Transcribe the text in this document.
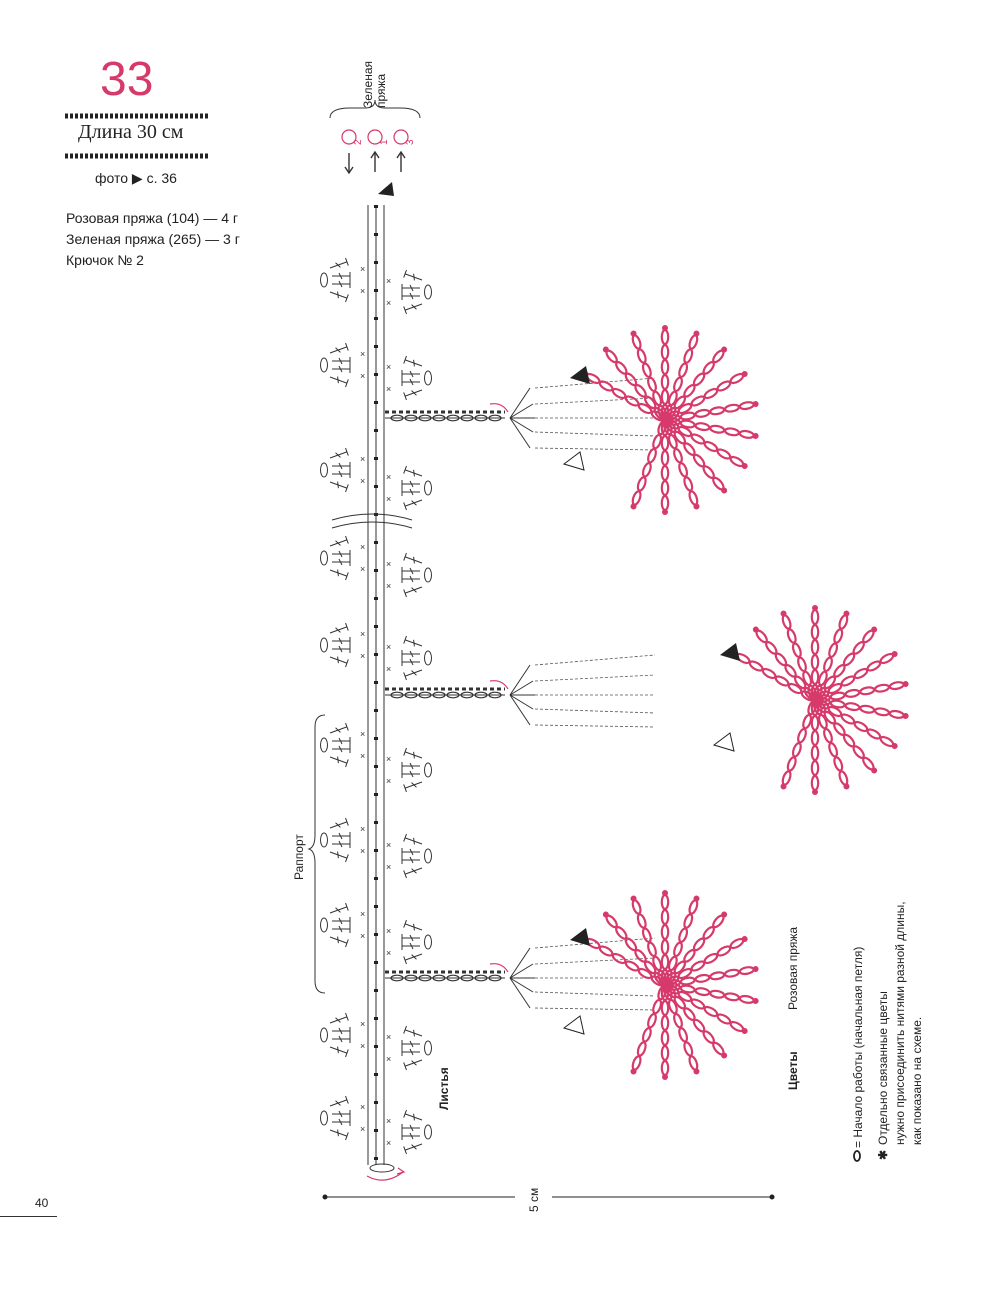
33
Длина 30 см
фото ▶ с. 36
Розовая пряжа (104) — 4 г
Зеленая пряжа (265) — 3 г
Крючок № 2
×
Зеленая пряжа
2 1 3
Раппорт
Листья	Цветы
Розовая пряжа
5 см
= Начало работы (начальная петля)
✱
Отдельно связанные цветы нужно присоединить нитями разной длины, как показано на схеме.
40
